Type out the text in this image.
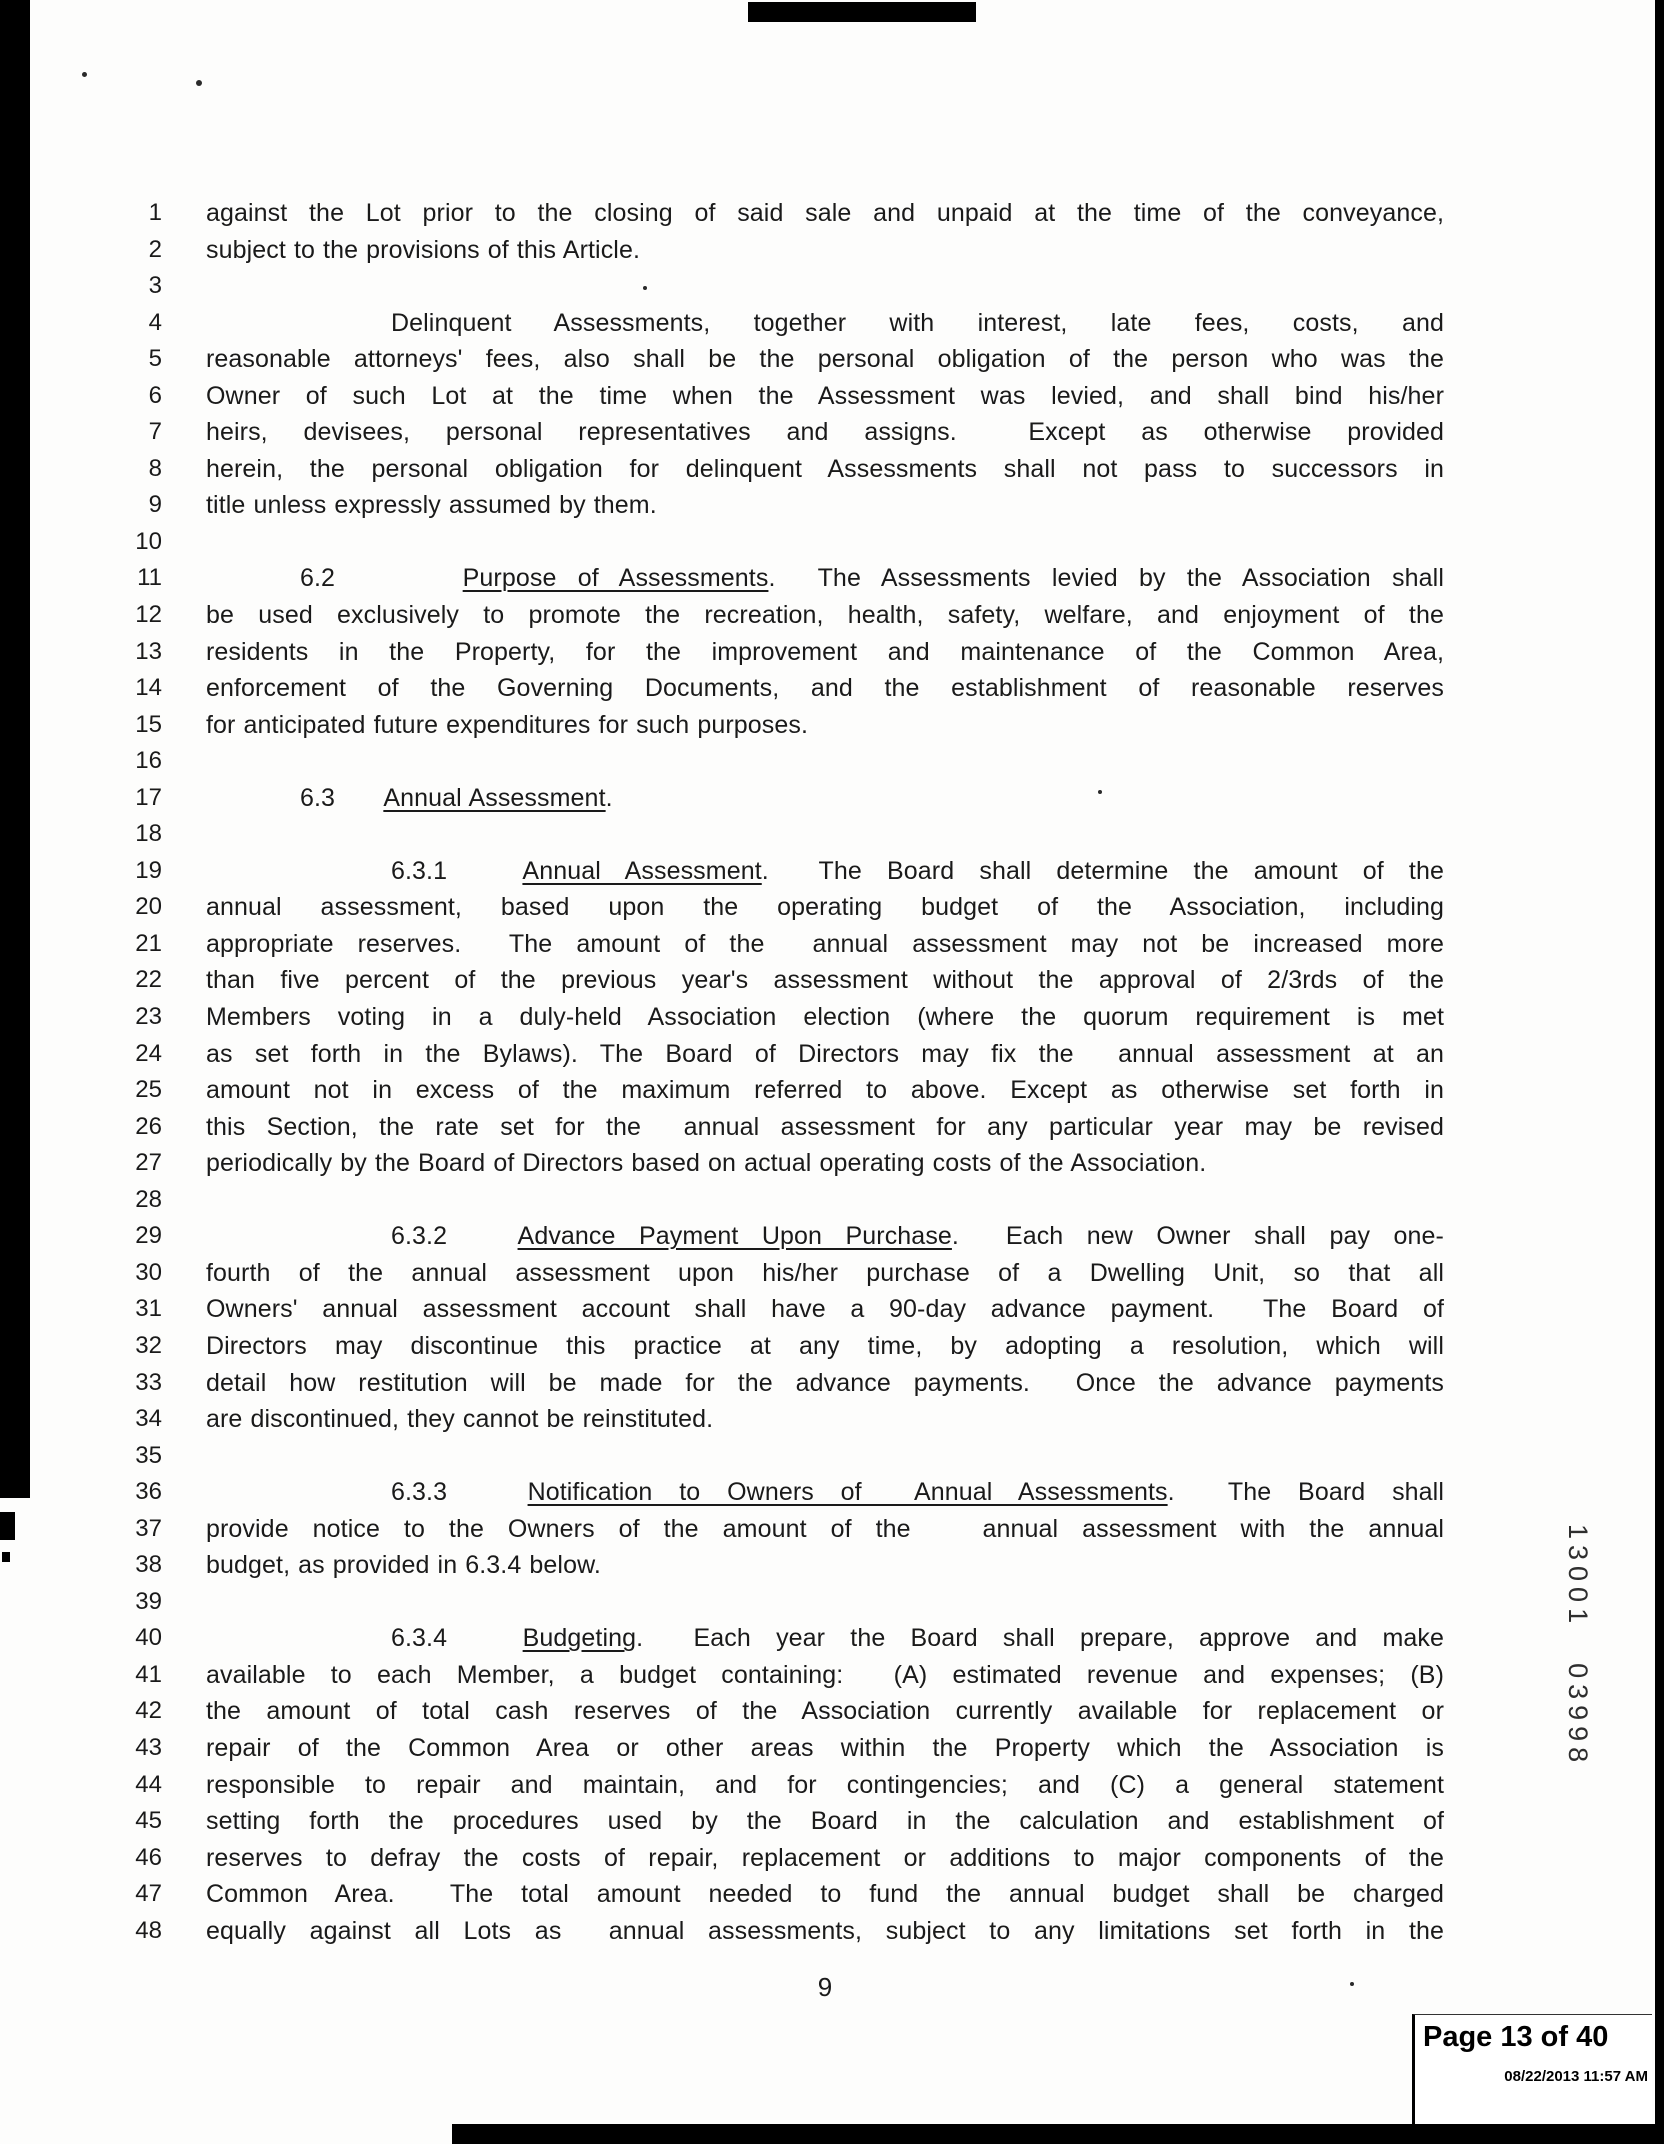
1 against the Lot prior to the closing of said sale and unpaid at the time of the conveyance,
2 subject to the provisions of this Article.
3
4	Delinquent Assessments, together with interest, late fees, costs, and
5 reasonable attorneys' fees, also shall be the personal obligation of the person who was the
6 Owner of such Lot at the time when the Assessment was levied, and shall bind his/her
7 heirs, devisees, personal representatives and assigns.  Except as otherwise provided
8 herein, the personal obligation for delinquent Assessments shall not pass to successors in
9 title unless expressly assumed by them.
10
11	6.2      Purpose of Assessments.  The Assessments levied by the Association shall
12 be used exclusively to promote the recreation, health, safety, welfare, and enjoyment of the
13 residents in the Property, for the improvement and maintenance of the Common Area,
14 enforcement of the Governing Documents, and the establishment of reasonable reserves
15 for anticipated future expenditures for such purposes.
16
17	6.3      Annual Assessment.
18
19	6.3.1   Annual Assessment.  The Board shall determine the amount of the
20 annual assessment, based upon the operating budget of the Association, including
21 appropriate reserves.  The amount of the  annual assessment may not be increased more
22 than five percent of the previous year's assessment without the approval of 2/3rds of the
23 Members voting in a duly-held Association election (where the quorum requirement is met
24 as set forth in the Bylaws). The Board of Directors may fix the  annual assessment at an
25 amount not in excess of the maximum referred to above. Except as otherwise set forth in
26 this Section, the rate set for the  annual assessment for any particular year may be revised
27 periodically by the Board of Directors based on actual operating costs of the Association.
28
29	6.3.2   Advance Payment Upon Purchase.  Each new Owner shall pay one-
30 fourth of the annual assessment upon his/her purchase of a Dwelling Unit, so that all
31 Owners' annual assessment account shall have a 90-day advance payment.  The Board of
32 Directors may discontinue this practice at any time, by adopting a resolution, which will
33 detail how restitution will be made for the advance payments.  Once the advance payments
34 are discontinued, they cannot be reinstituted.
35
36	6.3.3   Notification to Owners of  Annual Assessments.  The Board shall
37 provide notice to the Owners of the amount of the   annual assessment with the annual
38 budget, as provided in 6.3.4 below.
39
40	6.3.4   Budgeting.  Each year the Board shall prepare, approve and make
41 available to each Member, a budget containing:  (A) estimated revenue and expenses; (B)
42 the amount of total cash reserves of the Association currently available for replacement or
43 repair of the Common Area or other areas within the Property which the Association is
44 responsible to repair and maintain, and for contingencies; and (C) a general statement
45 setting forth the procedures used by the Board in the calculation and establishment of
46 reserves to defray the costs of repair, replacement or additions to major components of the
47 Common Area.  The total amount needed to fund the annual budget shall be charged
48 equally against all Lots as  annual assessments, subject to any limitations set forth in the
9
1300103998
Page 13 of 40
08/22/2013 11:57 AM
